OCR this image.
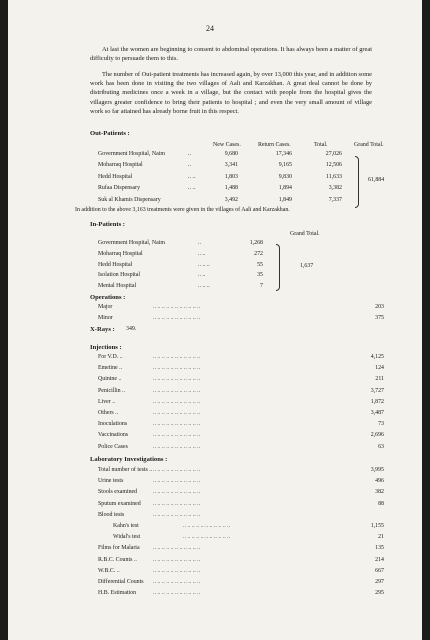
24
At last the women are beginning to consent to abdominal operations. It has always been a matter of great difficulty to persuade them to this.
The number of Out-patient treatments has increased again, by over 13,000 this year, and in addition some work has been done in visiting the two villages of Aali and Karzakhan. A great deal cannot be done by distributing medicines once a week in a village, but the contact with people from the hospital gives the villagers greater confidence to bring their patients to hospital ; and even the very small amount of village work so far attained has already borne fruit in this respect.
Out-Patients :
New Cases.	Return Cases.	Total.	Grand Total.
Government Hospital, Naim	..	9,680	17,346	27,026
Moharraq Hospital	..	3,341	9,165	12,506
Hedd Hospital	.. ..	1,803	9,830	11,633
Rufaa Dispensary	.. ..	1,488	1,894	3,382
Suk al Khamis Dispensary	3,492	1,849	7,337
61,884
In addition to the above 3,163 treatments were given in the villages of Aali and Karzakhan.
In-Patients :
Grand Total.
Government Hospital, Naim	..	1,268
Moharraq Hospital	.. ..	272
Hedd Hospital	.. .. ..	55
Isolation Hospital	.. ..	35
Mental Hospital	.. .. ..	7
1,637
Operations :
Major	.. .. .. .. .. .. .. .. .. .. ..	203
Minor	.. .. .. .. .. .. .. .. .. .. ..	375
X-Rays : 349.
Injections :
For V.D. ..	.. .. .. .. .. .. .. .. .. .. ..	4,125
Emetine ..	.. .. .. .. .. .. .. .. .. .. ..	124
Quinine ..	.. .. .. .. .. .. .. .. .. .. ..	211
Penicillin ..	.. .. .. .. .. .. .. .. .. .. ..	3,727
Liver ..	.. .. .. .. .. .. .. .. .. .. ..	1,872
Others ..	.. .. .. .. .. .. .. .. .. .. ..	3,487
Inoculations	.. .. .. .. .. .. .. .. .. .. ..	73
Vaccinations	.. .. .. .. .. .. .. .. .. .. ..	2,696
Police Cases	.. .. .. .. .. .. .. .. .. .. ..	63
Laboratory Investigations :
Total number of tests .. .. .. .. .. .. .. .. .. .. .. ..	3,995
Urine tests	.. .. .. .. .. .. .. .. .. .. ..	496
Stools examined	.. .. .. .. .. .. .. .. .. .. ..	382
Sputum examined .. .. .. .. .. .. .. .. .. .. ..	88
Blood tests	.. .. .. .. .. .. .. .. .. .. ..
Kahn's test	.. .. .. .. .. .. .. .. .. .. ..	1,155
Widal's test	.. .. .. .. .. .. .. .. .. .. ..	21
Films for Malaria .. .. .. .. .. .. .. .. .. .. ..	135
R.B.C. Counts ..	.. .. .. .. .. .. .. .. .. .. ..	214
W.B.C. ..	.. .. .. .. .. .. .. .. .. .. ..	667
Differential Counts .. .. .. .. .. .. .. .. .. .. ..	297
H.B. Estimation	.. .. .. .. .. .. .. .. .. .. ..	295
